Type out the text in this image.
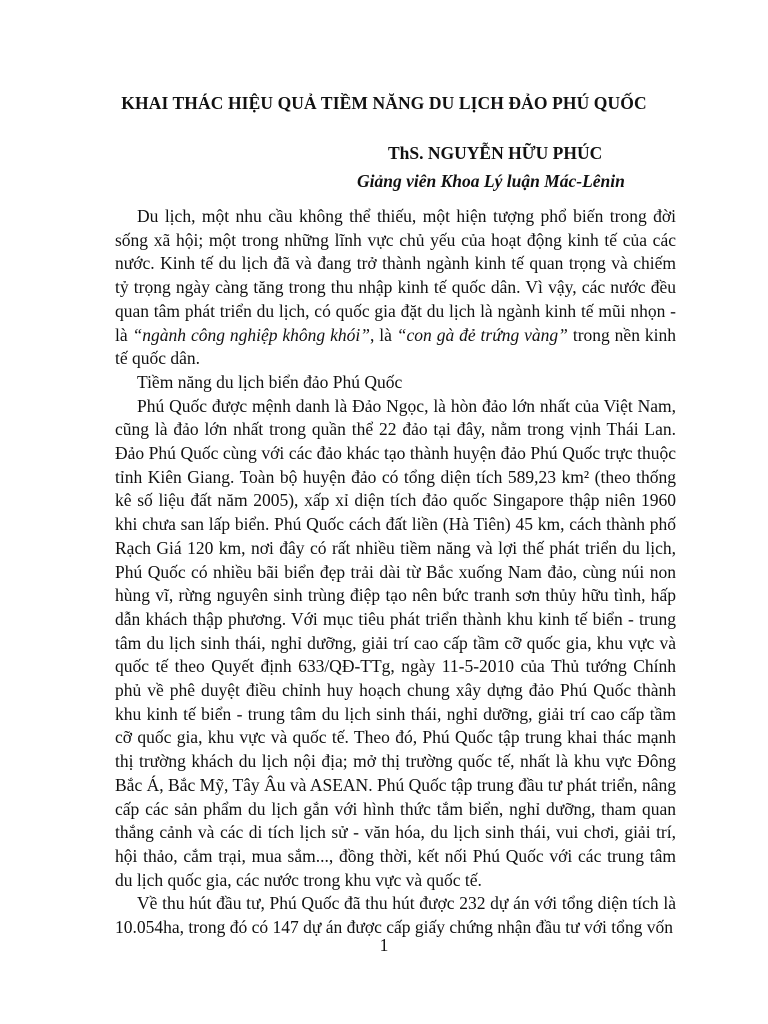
KHAI THÁC HIỆU QUẢ TIỀM NĂNG DU LỊCH ĐẢO PHÚ QUỐC

ThS. NGUYỄN HỮU PHÚC

Giảng viên Khoa Lý luận Mác-Lênin

Du lịch, một nhu cầu không thể thiếu, một hiện tượng phổ biến trong đời sống xã hội; một trong những lĩnh vực chủ yếu của hoạt động kinh tế của các nước. Kinh tế du lịch đã và đang trở thành ngành kinh tế quan trọng và chiếm tỷ trọng ngày càng tăng trong thu nhập kinh tế quốc dân. Vì vậy, các nước đều quan tâm phát triển du lịch, có quốc gia đặt du lịch là ngành kinh tế mũi nhọn - là “ngành công nghiệp không khói”, là “con gà đẻ trứng vàng” trong nền kinh tế quốc dân.

Tiềm năng du lịch biển đảo Phú Quốc

Phú Quốc được mệnh danh là Đảo Ngọc, là hòn đảo lớn nhất của Việt Nam, cũng là đảo lớn nhất trong quần thể 22 đảo tại đây, nằm trong vịnh Thái Lan. Đảo Phú Quốc cùng với các đảo khác tạo thành huyện đảo Phú Quốc trực thuộc tỉnh Kiên Giang. Toàn bộ huyện đảo có tổng diện tích 589,23 km² (theo thống kê số liệu đất năm 2005), xấp xỉ diện tích đảo quốc Singapore thập niên 1960 khi chưa san lấp biển. Phú Quốc cách đất liền (Hà Tiên) 45 km, cách thành phố Rạch Giá 120 km, nơi đây có rất nhiều tiềm năng và lợi thế phát triển du lịch, Phú Quốc có nhiều bãi biển đẹp trải dài từ Bắc xuống Nam đảo, cùng núi non hùng vĩ, rừng nguyên sinh trùng điệp tạo nên bức tranh sơn thủy hữu tình, hấp dẫn khách thập phương. Với mục tiêu phát triển thành khu kinh tế biển - trung tâm du lịch sinh thái, nghỉ dưỡng, giải trí cao cấp tầm cỡ quốc gia, khu vực và quốc tế theo Quyết định 633/QĐ-TTg, ngày 11-5-2010 của Thủ tướng Chính phủ về phê duyệt điều chỉnh huy hoạch chung xây dựng đảo Phú Quốc thành khu kinh tế biển - trung tâm du lịch sinh thái, nghỉ dưỡng, giải trí cao cấp tầm cỡ quốc gia, khu vực và quốc tế. Theo đó, Phú Quốc tập trung khai thác mạnh thị trường khách du lịch nội địa; mở thị trường quốc tế, nhất là khu vực Đông Bắc Á, Bắc Mỹ, Tây Âu và ASEAN. Phú Quốc tập trung đầu tư phát triển, nâng cấp các sản phẩm du lịch gắn với hình thức tắm biển, nghỉ dưỡng, tham quan thắng cảnh và các di tích lịch sử - văn hóa, du lịch sinh thái, vui chơi, giải trí, hội thảo, cắm trại, mua sắm..., đồng thời, kết nối Phú Quốc với các trung tâm du lịch quốc gia, các nước trong khu vực và quốc tế.

Về thu hút đầu tư, Phú Quốc đã thu hút được 232 dự án với tổng diện tích là 10.054ha, trong đó có 147 dự án được cấp giấy chứng nhận đầu tư với tổng vốn

1
